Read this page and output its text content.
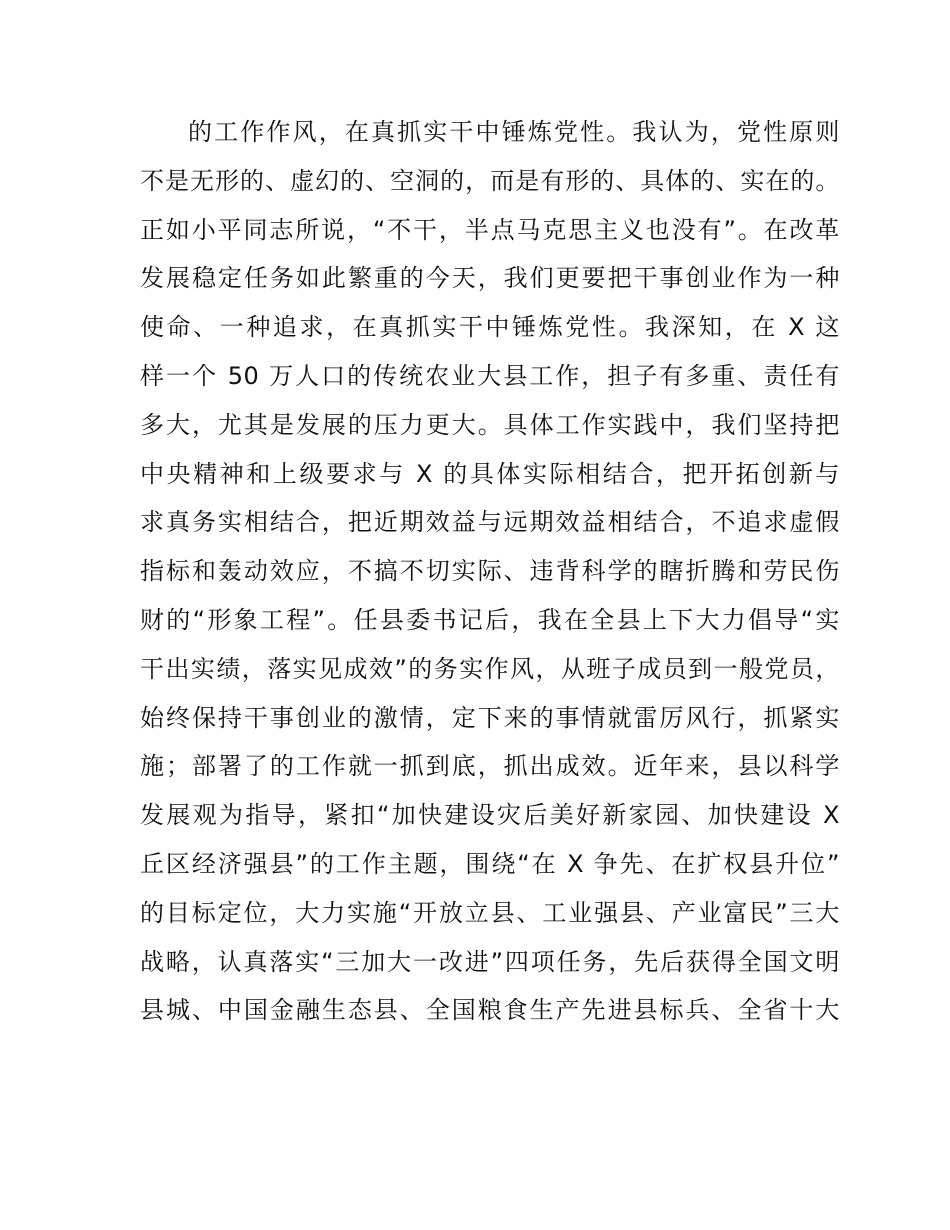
的工作作风，在真抓实干中锤炼党性。我认为，党性原则
不是无形的、虚幻的、空洞的，而是有形的、具体的、实在的。
正如小平同志所说，“不干，半点马克思主义也没有”。在改革
发展稳定任务如此繁重的今天，我们更要把干事创业作为一种
使命、一种追求，在真抓实干中锤炼党性。我深知，在 X 这
样一个 50 万人口的传统农业大县工作，担子有多重、责任有
多大，尤其是发展的压力更大。具体工作实践中，我们坚持把
中央精神和上级要求与 X 的具体实际相结合，把开拓创新与
求真务实相结合，把近期效益与远期效益相结合，不追求虚假
指标和轰动效应，不搞不切实际、违背科学的瞎折腾和劳民伤
财的“形象工程”。任县委书记后，我在全县上下大力倡导“实
干出实绩，落实见成效”的务实作风，从班子成员到一般党员，
始终保持干事创业的激情，定下来的事情就雷厉风行，抓紧实
施；部署了的工作就一抓到底，抓出成效。近年来，县以科学
发展观为指导，紧扣“加快建设灾后美好新家园、加快建设 X
丘区经济强县”的工作主题，围绕“在 X 争先、在扩权县升位”
的目标定位，大力实施“开放立县、工业强县、产业富民”三大
战略，认真落实“三加大一改进”四项任务，先后获得全国文明
县城、中国金融生态县、全国粮食生产先进县标兵、全省十大
